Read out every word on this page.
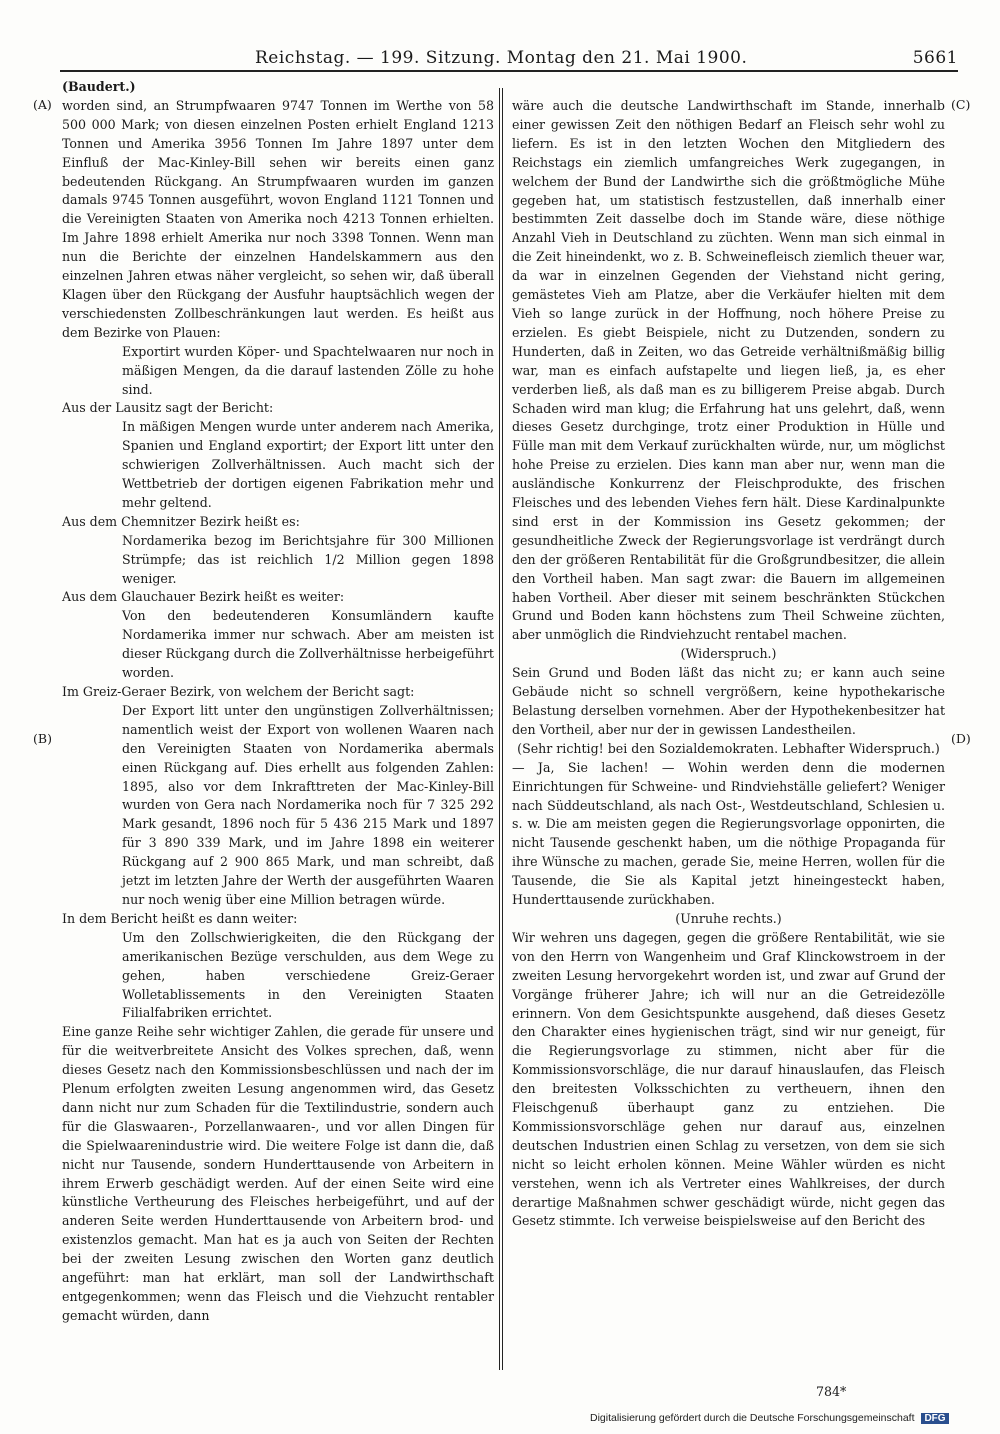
Reichstag. — 199. Sitzung. Montag den 21. Mai 1900.	5661
(A)
(B)
(C)
(D)

(Baudert.)

worden sind, an Strumpfwaaren 9747 Tonnen im Werthe von 58 500 000 Mark; von diesen einzelnen Posten erhielt England 1213 Tonnen und Amerika 3956 Tonnen Im Jahre 1897 unter dem Einfluß der Mac-Kinley-Bill sehen wir bereits einen ganz bedeutenden Rückgang. An Strumpfwaaren wurden im ganzen damals 9745 Tonnen ausgeführt, wovon England 1121 Tonnen und die Vereinigten Staaten von Amerika noch 4213 Tonnen erhielten. Im Jahre 1898 erhielt Amerika nur noch 3398 Tonnen. Wenn man nun die Berichte der einzelnen Handelskammern aus den einzelnen Jahren etwas näher vergleicht, so sehen wir, daß überall Klagen über den Rückgang der Ausfuhr hauptsächlich wegen der verschiedensten Zollbeschränkungen laut werden. Es heißt aus dem Bezirke von Plauen:

Exportirt wurden Köper- und Spachtelwaaren nur noch in mäßigen Mengen, da die darauf lastenden Zölle zu hohe sind.

Aus der Lausitz sagt der Bericht:

In mäßigen Mengen wurde unter anderem nach Amerika, Spanien und England exportirt; der Export litt unter den schwierigen Zollverhältnissen. Auch macht sich der Wettbetrieb der dortigen eigenen Fabrikation mehr und mehr geltend.

Aus dem Chemnitzer Bezirk heißt es:

Nordamerika bezog im Berichtsjahre für 300 Millionen Strümpfe; das ist reichlich 1/2 Million gegen 1898 weniger.

Aus dem Glauchauer Bezirk heißt es weiter:

Von den bedeutenderen Konsumländern kaufte Nordamerika immer nur schwach. Aber am meisten ist dieser Rückgang durch die Zollverhältnisse herbeigeführt worden.

Im Greiz-Geraer Bezirk, von welchem der Bericht sagt:

Der Export litt unter den ungünstigen Zollverhältnissen; namentlich weist der Export von wollenen Waaren nach den Vereinigten Staaten von Nordamerika abermals einen Rückgang auf. Dies erhellt aus folgenden Zahlen: 1895, also vor dem Inkrafttreten der Mac-Kinley-Bill wurden von Gera nach Nordamerika noch für 7 325 292 Mark gesandt, 1896 noch für 5 436 215 Mark und 1897 für 3 890 339 Mark, und im Jahre 1898 ein weiterer Rückgang auf 2 900 865 Mark, und man schreibt, daß jetzt im letzten Jahre der Werth der ausgeführten Waaren nur noch wenig über eine Million betragen würde.

In dem Bericht heißt es dann weiter:

Um den Zollschwierigkeiten, die den Rückgang der amerikanischen Bezüge verschulden, aus dem Wege zu gehen, haben verschiedene Greiz-Geraer Wolletablissements in den Vereinigten Staaten Filialfabriken errichtet.

Eine ganze Reihe sehr wichtiger Zahlen, die gerade für unsere und für die weitverbreitete Ansicht des Volkes sprechen, daß, wenn dieses Gesetz nach den Kommissionsbeschlüssen und nach der im Plenum erfolgten zweiten Lesung angenommen wird, das Gesetz dann nicht nur zum Schaden für die Textilindustrie, sondern auch für die Glaswaaren-, Porzellanwaaren-, und vor allen Dingen für die Spielwaarenindustrie wird. Die weitere Folge ist dann die, daß nicht nur Tausende, sondern Hunderttausende von Arbeitern in ihrem Erwerb geschädigt werden. Auf der einen Seite wird eine künstliche Vertheurung des Fleisches herbeigeführt, und auf der anderen Seite werden Hunderttausende von Arbeitern brod- und existenzlos gemacht. Man hat es ja auch von Seiten der Rechten bei der zweiten Lesung zwischen den Worten ganz deutlich angeführt: man hat erklärt, man soll der Landwirthschaft entgegenkommen; wenn das Fleisch und die Viehzucht rentabler gemacht würden, dann

wäre auch die deutsche Landwirthschaft im Stande, innerhalb einer gewissen Zeit den nöthigen Bedarf an Fleisch sehr wohl zu liefern. Es ist in den letzten Wochen den Mitgliedern des Reichstags ein ziemlich umfangreiches Werk zugegangen, in welchem der Bund der Landwirthe sich die größtmögliche Mühe gegeben hat, um statistisch festzustellen, daß innerhalb einer bestimmten Zeit dasselbe doch im Stande wäre, diese nöthige Anzahl Vieh in Deutschland zu züchten. Wenn man sich einmal in die Zeit hineindenkt, wo z. B. Schweinefleisch ziemlich theuer war, da war in einzelnen Gegenden der Viehstand nicht gering, gemästetes Vieh am Platze, aber die Verkäufer hielten mit dem Vieh so lange zurück in der Hoffnung, noch höhere Preise zu erzielen. Es giebt Beispiele, nicht zu Dutzenden, sondern zu Hunderten, daß in Zeiten, wo das Getreide verhältnißmäßig billig war, man es einfach aufstapelte und liegen ließ, ja, es eher verderben ließ, als daß man es zu billigerem Preise abgab. Durch Schaden wird man klug; die Erfahrung hat uns gelehrt, daß, wenn dieses Gesetz durchginge, trotz einer Produktion in Hülle und Fülle man mit dem Verkauf zurückhalten würde, nur, um möglichst hohe Preise zu erzielen. Dies kann man aber nur, wenn man die ausländische Konkurrenz der Fleischprodukte, des frischen Fleisches und des lebenden Viehes fern hält. Diese Kardinalpunkte sind erst in der Kommission ins Gesetz gekommen; der gesundheitliche Zweck der Regierungsvorlage ist verdrängt durch den der größeren Rentabilität für die Großgrundbesitzer, die allein den Vortheil haben. Man sagt zwar: die Bauern im allgemeinen haben Vortheil. Aber dieser mit seinem beschränkten Stückchen Grund und Boden kann höchstens zum Theil Schweine züchten, aber unmöglich die Rindviehzucht rentabel machen.

(Widerspruch.)

Sein Grund und Boden läßt das nicht zu; er kann auch seine Gebäude nicht so schnell vergrößern, keine hypothekarische Belastung derselben vornehmen. Aber der Hypothekenbesitzer hat den Vortheil, aber nur der in gewissen Landestheilen.

(Sehr richtig! bei den Sozialdemokraten. Lebhafter Widerspruch.)

— Ja, Sie lachen! — Wohin werden denn die modernen Einrichtungen für Schweine- und Rindviehställe geliefert? Weniger nach Süddeutschland, als nach Ost-, Westdeutschland, Schlesien u. s. w. Die am meisten gegen die Regierungsvorlage opponirten, die nicht Tausende geschenkt haben, um die nöthige Propaganda für ihre Wünsche zu machen, gerade Sie, meine Herren, wollen für die Tausende, die Sie als Kapital jetzt hineingesteckt haben, Hunderttausende zurückhaben.

(Unruhe rechts.)

Wir wehren uns dagegen, gegen die größere Rentabilität, wie sie von den Herrn von Wangenheim und Graf Klinckowstroem in der zweiten Lesung hervorgekehrt worden ist, und zwar auf Grund der Vorgänge früherer Jahre; ich will nur an die Getreidezölle erinnern. Von dem Gesichtspunkte ausgehend, daß dieses Gesetz den Charakter eines hygienischen trägt, sind wir nur geneigt, für die Regierungsvorlage zu stimmen, nicht aber für die Kommissionsvorschläge, die nur darauf hinauslaufen, das Fleisch den breitesten Volksschichten zu vertheuern, ihnen den Fleischgenuß überhaupt ganz zu entziehen. Die Kommissionsvorschläge gehen nur darauf aus, einzelnen deutschen Industrien einen Schlag zu versetzen, von dem sie sich nicht so leicht erholen können. Meine Wähler würden es nicht verstehen, wenn ich als Vertreter eines Wahlkreises, der durch derartige Maßnahmen schwer geschädigt würde, nicht gegen das Gesetz stimmte. Ich verweise beispielsweise auf den Bericht des

784*
Digitalisierung gefördert durch die Deutsche Forschungsgemeinschaft DFG
